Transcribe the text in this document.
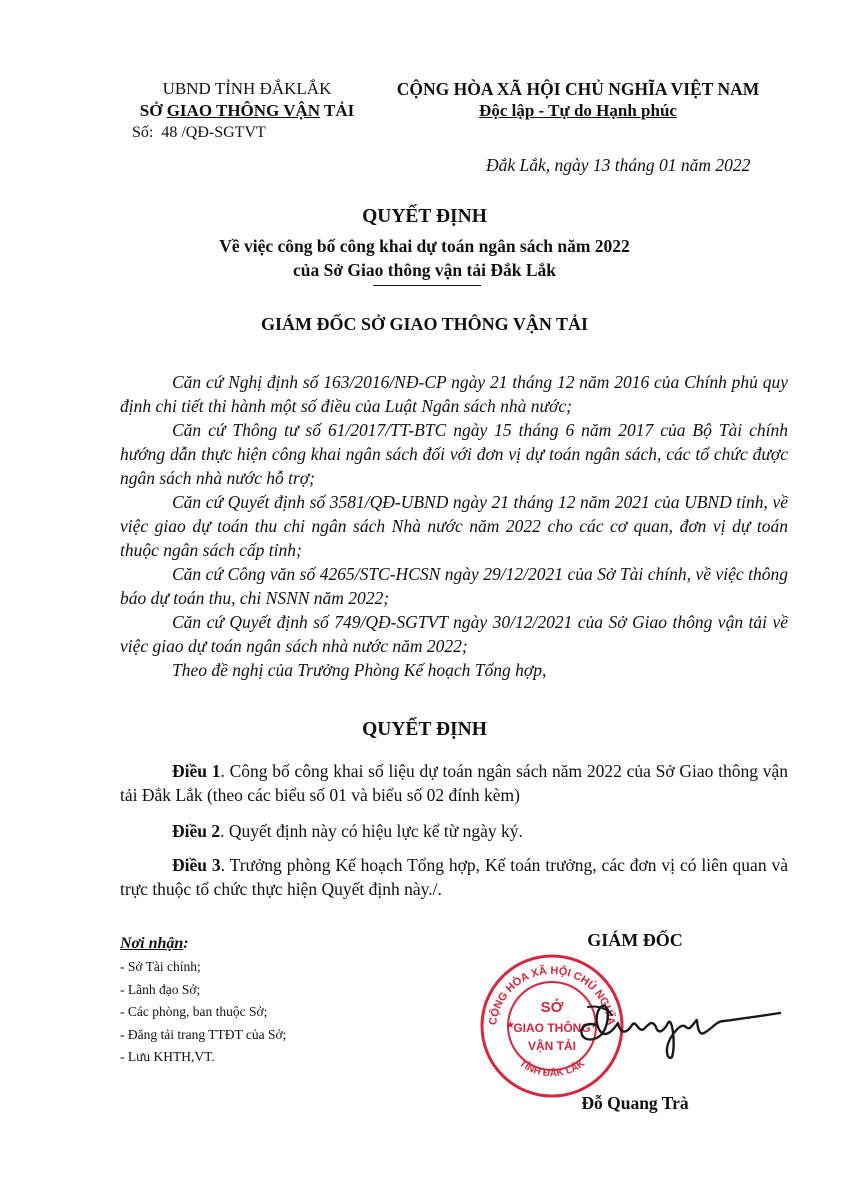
UBND TỈNH ĐẮKLẮK
SỞ GIAO THÔNG VẬN TẢI
Số: 48 /QĐ-SGTVT
CỘNG HÒA XÃ HỘI CHỦ NGHĨA VIỆT NAM
Độc lập - Tự do Hạnh phúc
Đắk Lắk, ngày 13 tháng 01 năm 2022
QUYẾT ĐỊNH
Về việc công bố công khai dự toán ngân sách năm 2022
của Sở Giao thông vận tải Đắk Lắk
GIÁM ĐỐC SỞ GIAO THÔNG VẬN TẢI
Căn cứ Nghị định số 163/2016/NĐ-CP ngày 21 tháng 12 năm 2016 của Chính phủ quy định chi tiết thi hành một số điều của Luật Ngân sách nhà nước;
Căn cứ Thông tư số 61/2017/TT-BTC ngày 15 tháng 6 năm 2017 của Bộ Tài chính hướng dẫn thực hiện công khai ngân sách đối với đơn vị dự toán ngân sách, các tổ chức được ngân sách nhà nước hỗ trợ;
Căn cứ Quyết định số 3581/QĐ-UBND ngày 21 tháng 12 năm 2021 của UBND tỉnh, về việc giao dự toán thu chi ngân sách Nhà nước năm 2022 cho các cơ quan, đơn vị dự toán thuộc ngân sách cấp tỉnh;
Căn cứ Công văn số 4265/STC-HCSN ngày 29/12/2021 của Sở Tài chính, về việc thông báo dự toán thu, chi NSNN năm 2022;
Căn cứ Quyết định số 749/QĐ-SGTVT ngày 30/12/2021 của Sở Giao thông vận tải về việc giao dự toán ngân sách nhà nước năm 2022;
Theo đề nghị của Trưởng Phòng Kế hoạch Tổng hợp,
QUYẾT ĐỊNH
Điều 1. Công bố công khai số liệu dự toán ngân sách năm 2022 của Sở Giao thông vận tải Đắk Lắk (theo các biểu số 01 và biểu số 02 đính kèm)
Điều 2. Quyết định này có hiệu lực kể từ ngày ký.
Điều 3. Trưởng phòng Kế hoạch Tổng hợp, Kế toán trưởng, các đơn vị có liên quan và trực thuộc tổ chức thực hiện Quyết định này./.
Nơi nhận:
- Sở Tài chính;
- Lãnh đạo Sở;
- Các phòng, ban thuộc Sở;
- Đăng tải trang TTĐT của Sở;
- Lưu KHTH,VT.
GIÁM ĐỐC
CỘNG HÒA XÃ HỘI CHỦ NGHĨA
TỈNH ĐẮK LẮK
SỞ
GIAO THÔNG
VẬN TẢI
★	★
Đỗ Quang Trà
